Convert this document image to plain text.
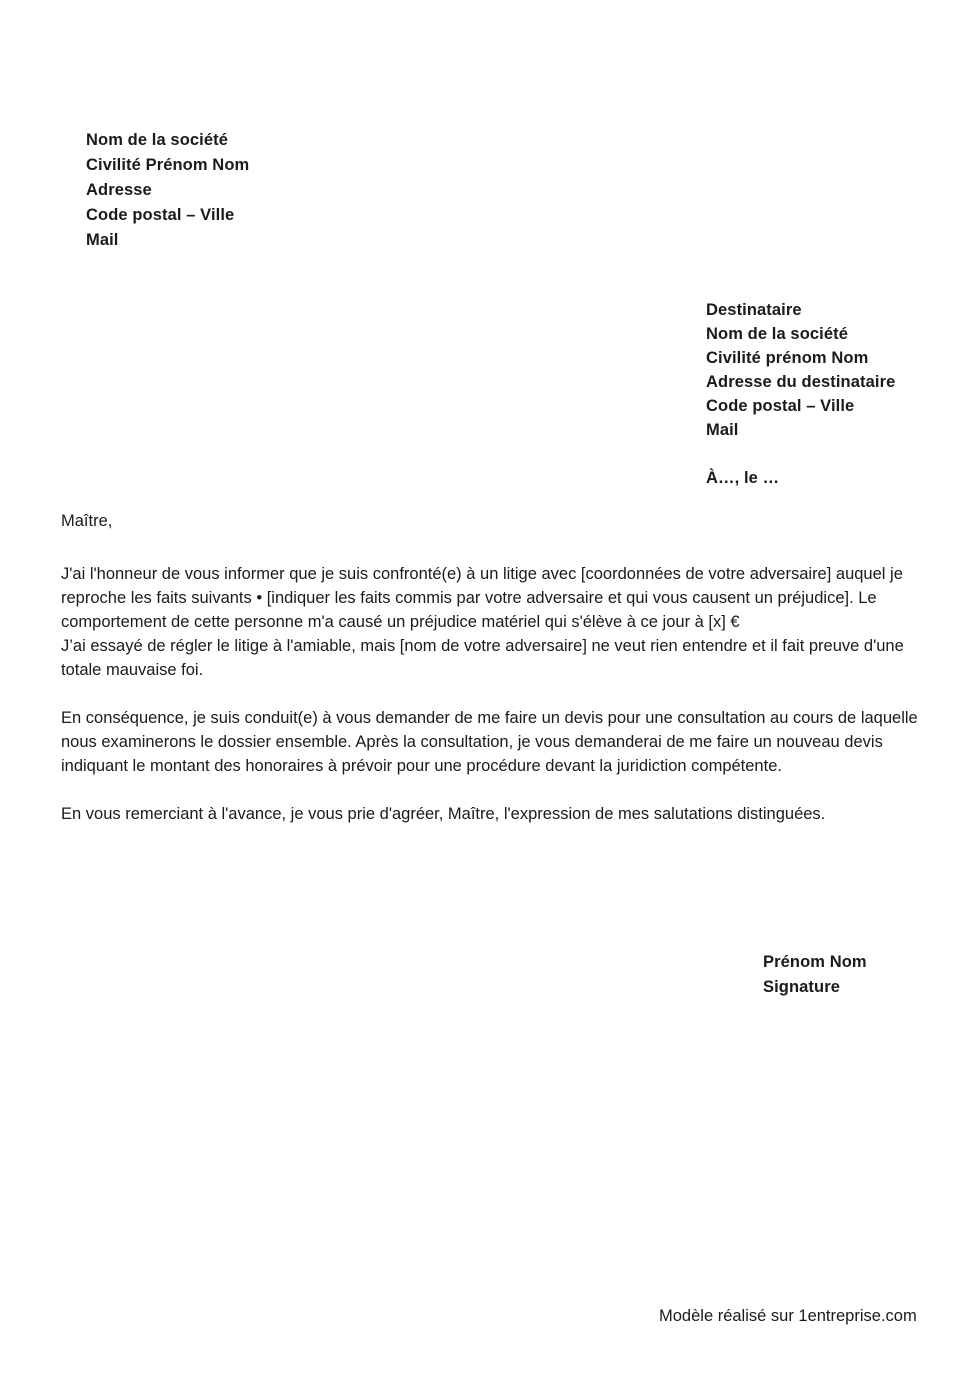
Nom de la société
Civilité Prénom Nom
Adresse
Code postal – Ville
Mail
Destinataire
Nom de la société
Civilité prénom Nom
Adresse du destinataire
Code postal – Ville
Mail
À…, le …
Maître,

J'ai l'honneur de vous informer que je suis confronté(e) à un litige avec [coordonnées de votre adversaire] auquel je reproche les faits suivants • [indiquer les faits commis par votre adversaire et qui vous causent un préjudice]. Le comportement de cette personne m'a causé un préjudice matériel qui s'élève à ce jour à [x] €

J’ai essayé de régler le litige à l'amiable, mais [nom de votre adversaire] ne veut rien entendre et il fait preuve d'une totale mauvaise foi.

En conséquence, je suis conduit(e) à vous demander de me faire un devis pour une consultation au cours de laquelle nous examinerons le dossier ensemble. Après la consultation, je vous demanderai de me faire un nouveau devis indiquant le montant des honoraires à prévoir pour une procédure devant la juridiction compétente.

En vous remerciant à l'avance, je vous prie d'agréer, Maître, l'expression de mes salutations distinguées.

Prénom Nom
Signature
Modèle réalisé sur 1entreprise.com
